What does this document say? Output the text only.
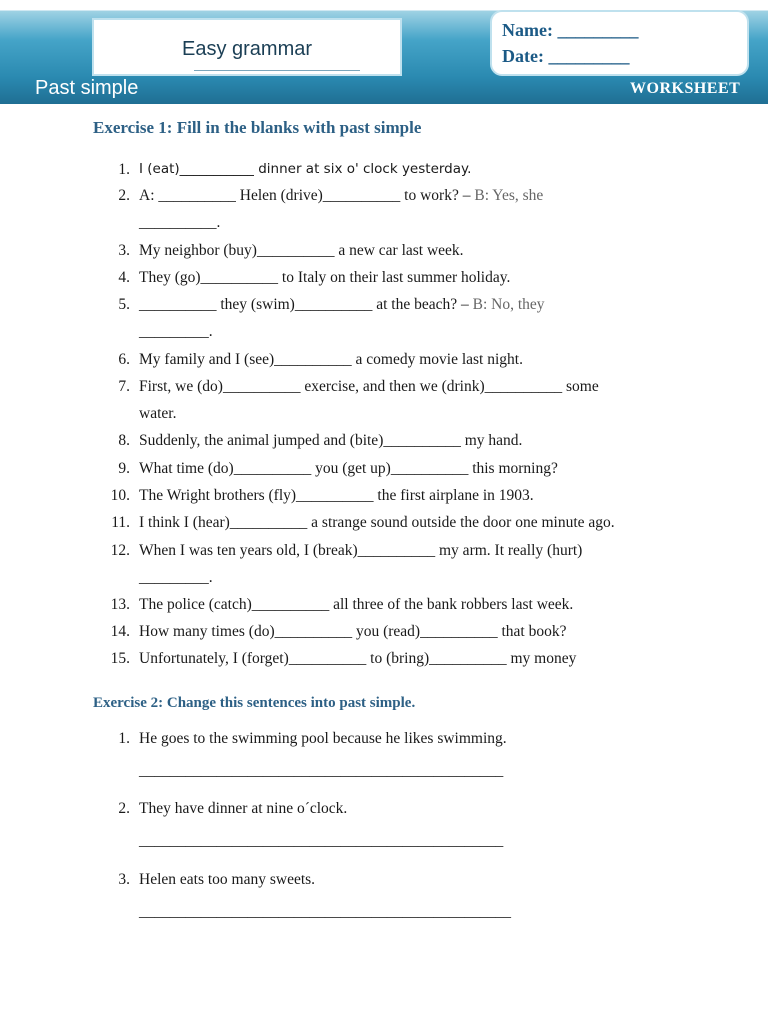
Easy grammar
Name: _________
Date: _________
Past simple	WORKSHEET
Exercise 1: Fill in the blanks with past simple
1. I (eat)___________ dinner at six o' clock yesterday.
2. A: __________ Helen (drive)__________ to work? – B: Yes, she
__________.
3. My neighbor (buy)__________ a new car last week.
4. They (go)__________ to Italy on their last summer holiday.
5. __________ they (swim)__________ at the beach? – B: No, they
_________.
6. My family and I (see)__________ a comedy movie last night.
7. First, we (do)__________ exercise, and then we (drink)__________ some
water.
8. Suddenly, the animal jumped and (bite)__________ my hand.
9. What time (do)__________ you (get up)__________ this morning?
10. The Wright brothers (fly)__________ the first airplane in 1903.
11. I think I (hear)__________ a strange sound outside the door one minute ago.
12. When I was ten years old, I (break)__________ my arm. It really (hurt)
_________.
13. The police (catch)__________ all three of the bank robbers last week.
14. How many times (do)__________ you (read)__________ that book?
15. Unfortunately, I (forget)__________ to (bring)__________ my money
Exercise 2: Change this sentences into past simple.
1. He goes to the swimming pool because he likes swimming.
_______________________________________________
2. They have dinner at nine o´clock.
_______________________________________________
3. Helen eats too many sweets.
________________________________________________
